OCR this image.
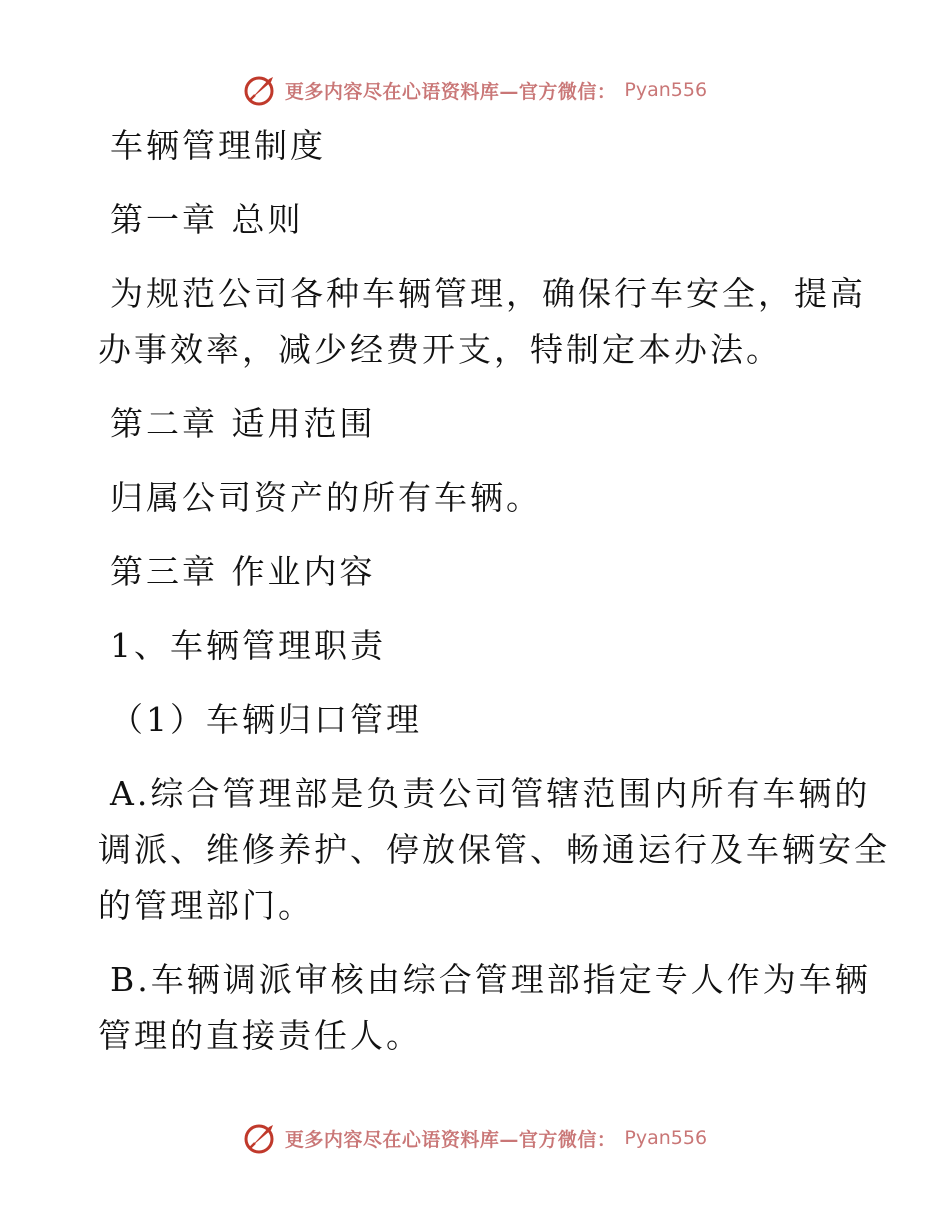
更多内容尽在心语资料库—官方微信： Pyan556

车辆管理制度

第一章 总则

为规范公司各种车辆管理，确保行车安全，提高

办事效率，减少经费开支，特制定本办法。

第二章 适用范围

归属公司资产的所有车辆。

第三章 作业内容

1、车辆管理职责

（1）车辆归口管理

A.综合管理部是负责公司管辖范围内所有车辆的

调派、维修养护、停放保管、畅通运行及车辆安全

的管理部门。

B.车辆调派审核由综合管理部指定专人作为车辆

管理的直接责任人。

更多内容尽在心语资料库—官方微信： Pyan556
